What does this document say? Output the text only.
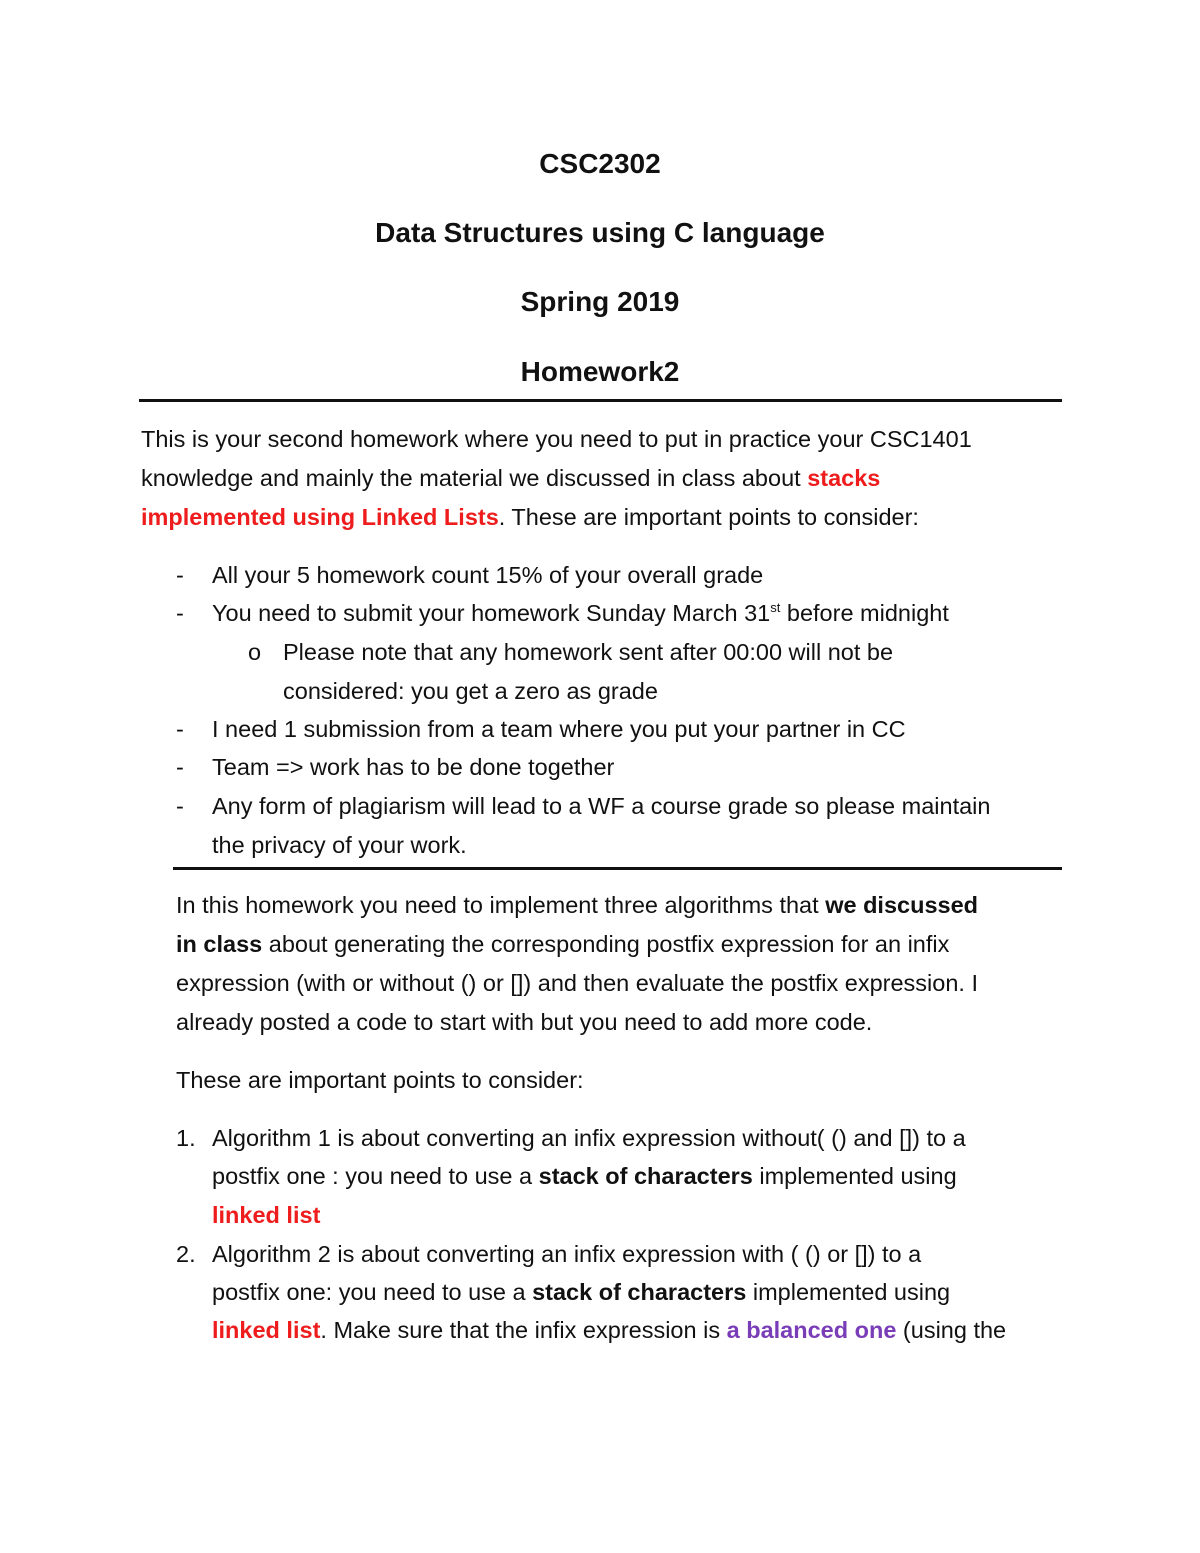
CSC2302
Data Structures using C language
Spring 2019
Homework2
This is your second homework where you need to put in practice your CSC1401
knowledge and mainly the material we discussed in class about stacks
implemented using Linked Lists. These are important points to consider:
- All your 5 homework count 15% of your overall grade
- You need to submit your homework Sunday March 31st before midnight
o Please note that any homework sent after 00:00 will not be
considered: you get a zero as grade
- I need 1 submission from a team where you put your partner in CC
- Team => work has to be done together
- Any form of plagiarism will lead to a WF a course grade so please maintain
the privacy of your work.
In this homework you need to implement three algorithms that we discussed
in class about generating the corresponding postfix expression for an infix
expression (with or without () or []) and then evaluate the postfix expression. I
already posted a code to start with but you need to add more code.
These are important points to consider:
1. Algorithm 1 is about converting an infix expression without( () and []) to a
postfix one : you need to use a stack of characters implemented using
linked list
2. Algorithm 2 is about converting an infix expression with ( () or []) to a
postfix one: you need to use a stack of characters implemented using
linked list. Make sure that the infix expression is a balanced one (using the
